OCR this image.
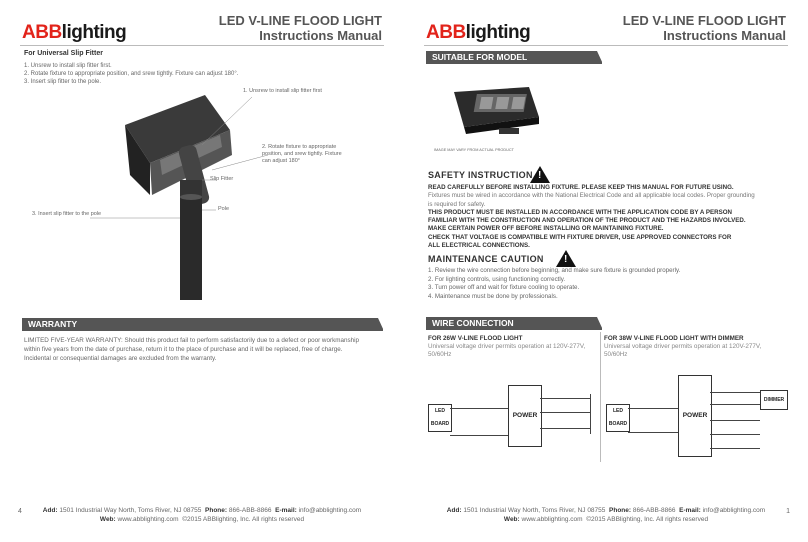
ABBlighting
LED V-LINE FLOOD LIGHT
Instructions Manual
For Universal Slip Fitter
1. Unsrew to install slip fitter first.
2. Rotate fixture to appropriate position, and srew tightly. Fixture can adjust 180°.
3. Insert slip fitter to the pole.
1. Unsrew to install slip fitter first
2. Rotate fixture to appropriate
position, and srew tightly. Fixture
can adjust 180°
Slip Fitter
Pole
3. Insert slip fitter to the pole
WARRANTY
LIMITED FIVE-YEAR WARRANTY: Should this product fail to perform satisfactorily due to a defect or poor workmanship
within five years from the date of purchase, return it to the place of purchase and it will be replaced, free of charge.
Incidental or consequential damages are excluded from the warranty.
4	Add: 1501 Industrial Way North, Toms River, NJ 08755 Phone: 866-ABB-8866 E-mail: info@abblighting.com
Web: www.abblighting.com ©2015 ABBlighting, Inc. All rights reserved
ABBlighting
LED V-LINE FLOOD LIGHT
Instructions Manual
SUITABLE FOR MODEL
IMAGE MAY VARY FROM ACTUAL PRODUCT
SAFETY INSTRUCTION !
READ CAREFULLY BEFORE INSTALLING FIXTURE. PLEASE KEEP THIS MANUAL FOR FUTURE USING.
Fixtures must be wired in accordance with the National Electrical Code and all applicable local codes. Proper grounding
is required for safety.
THIS PRODUCT MUST BE INSTALLED IN ACCORDANCE WITH THE APPLICATION CODE BY A PERSON
FAMILIAR WITH THE CONSTRUCTION AND OPERATION OF THE PRODUCT AND THE HAZARDS INVOLVED.
MAKE CERTAIN POWER OFF BEFORE INSTALLING OR MAINTAINING FIXTURE.
CHECK THAT VOLTAGE IS COMPATIBLE WITH FIXTURE DRIVER, USE APPROVED CONNECTORS FOR
ALL ELECTRICAL CONNECTIONS.
MAINTENANCE CAUTION !
1. Review the wire connection before beginning, and make sure fixture is grounded properly.
2. For lighting controls, using functioning correctly.
3. Turn power off and wait for fixture cooling to operate.
4. Maintenance must be done by professionals.
WIRE CONNECTION
FOR 26W V-LINE FLOOD LIGHT
Universal voltage driver permits operation at 120V-277V,
50/60Hz
FOR 38W V-LINE FLOOD LIGHT WITH DIMMER
Universal voltage driver permits operation at 120V-277V,
50/60Hz
LED BOARD
POWER
LED BOARD
POWER
DIMMER
1
Add: 1501 Industrial Way North, Toms River, NJ 08755 Phone: 866-ABB-8866 E-mail: info@abblighting.com
Web: www.abblighting.com ©2015 ABBlighting, Inc. All rights reserved
